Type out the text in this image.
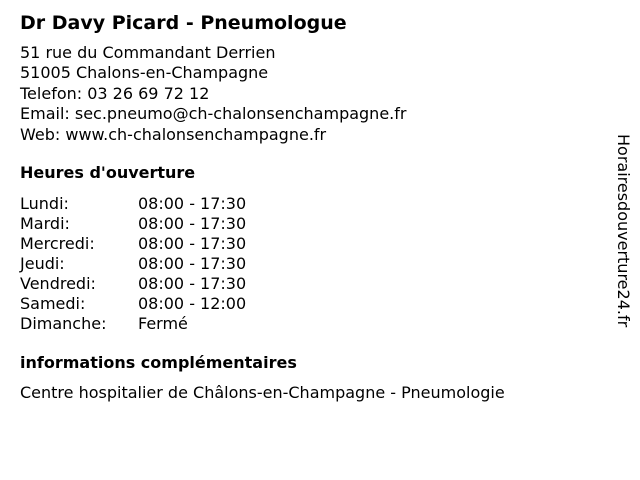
Dr Davy Picard - Pneumologue
51 rue du Commandant Derrien
51005 Chalons-en-Champagne
Telefon: 03 26 69 72 12
Email: sec.pneumo@ch-chalonsenchampagne.fr
Web: www.ch-chalonsenchampagne.fr
Heures d'ouverture
Lundi:	08:00 - 17:30
Mardi:	08:00 - 17:30
Mercredi:	08:00 - 17:30
Jeudi:	08:00 - 17:30
Vendredi:	08:00 - 17:30
Samedi:	08:00 - 12:00
Dimanche: Fermé
informations complémentaires
Centre hospitalier de Châlons-en-Champagne - Pneumologie
Horairesdouverture24.fr
